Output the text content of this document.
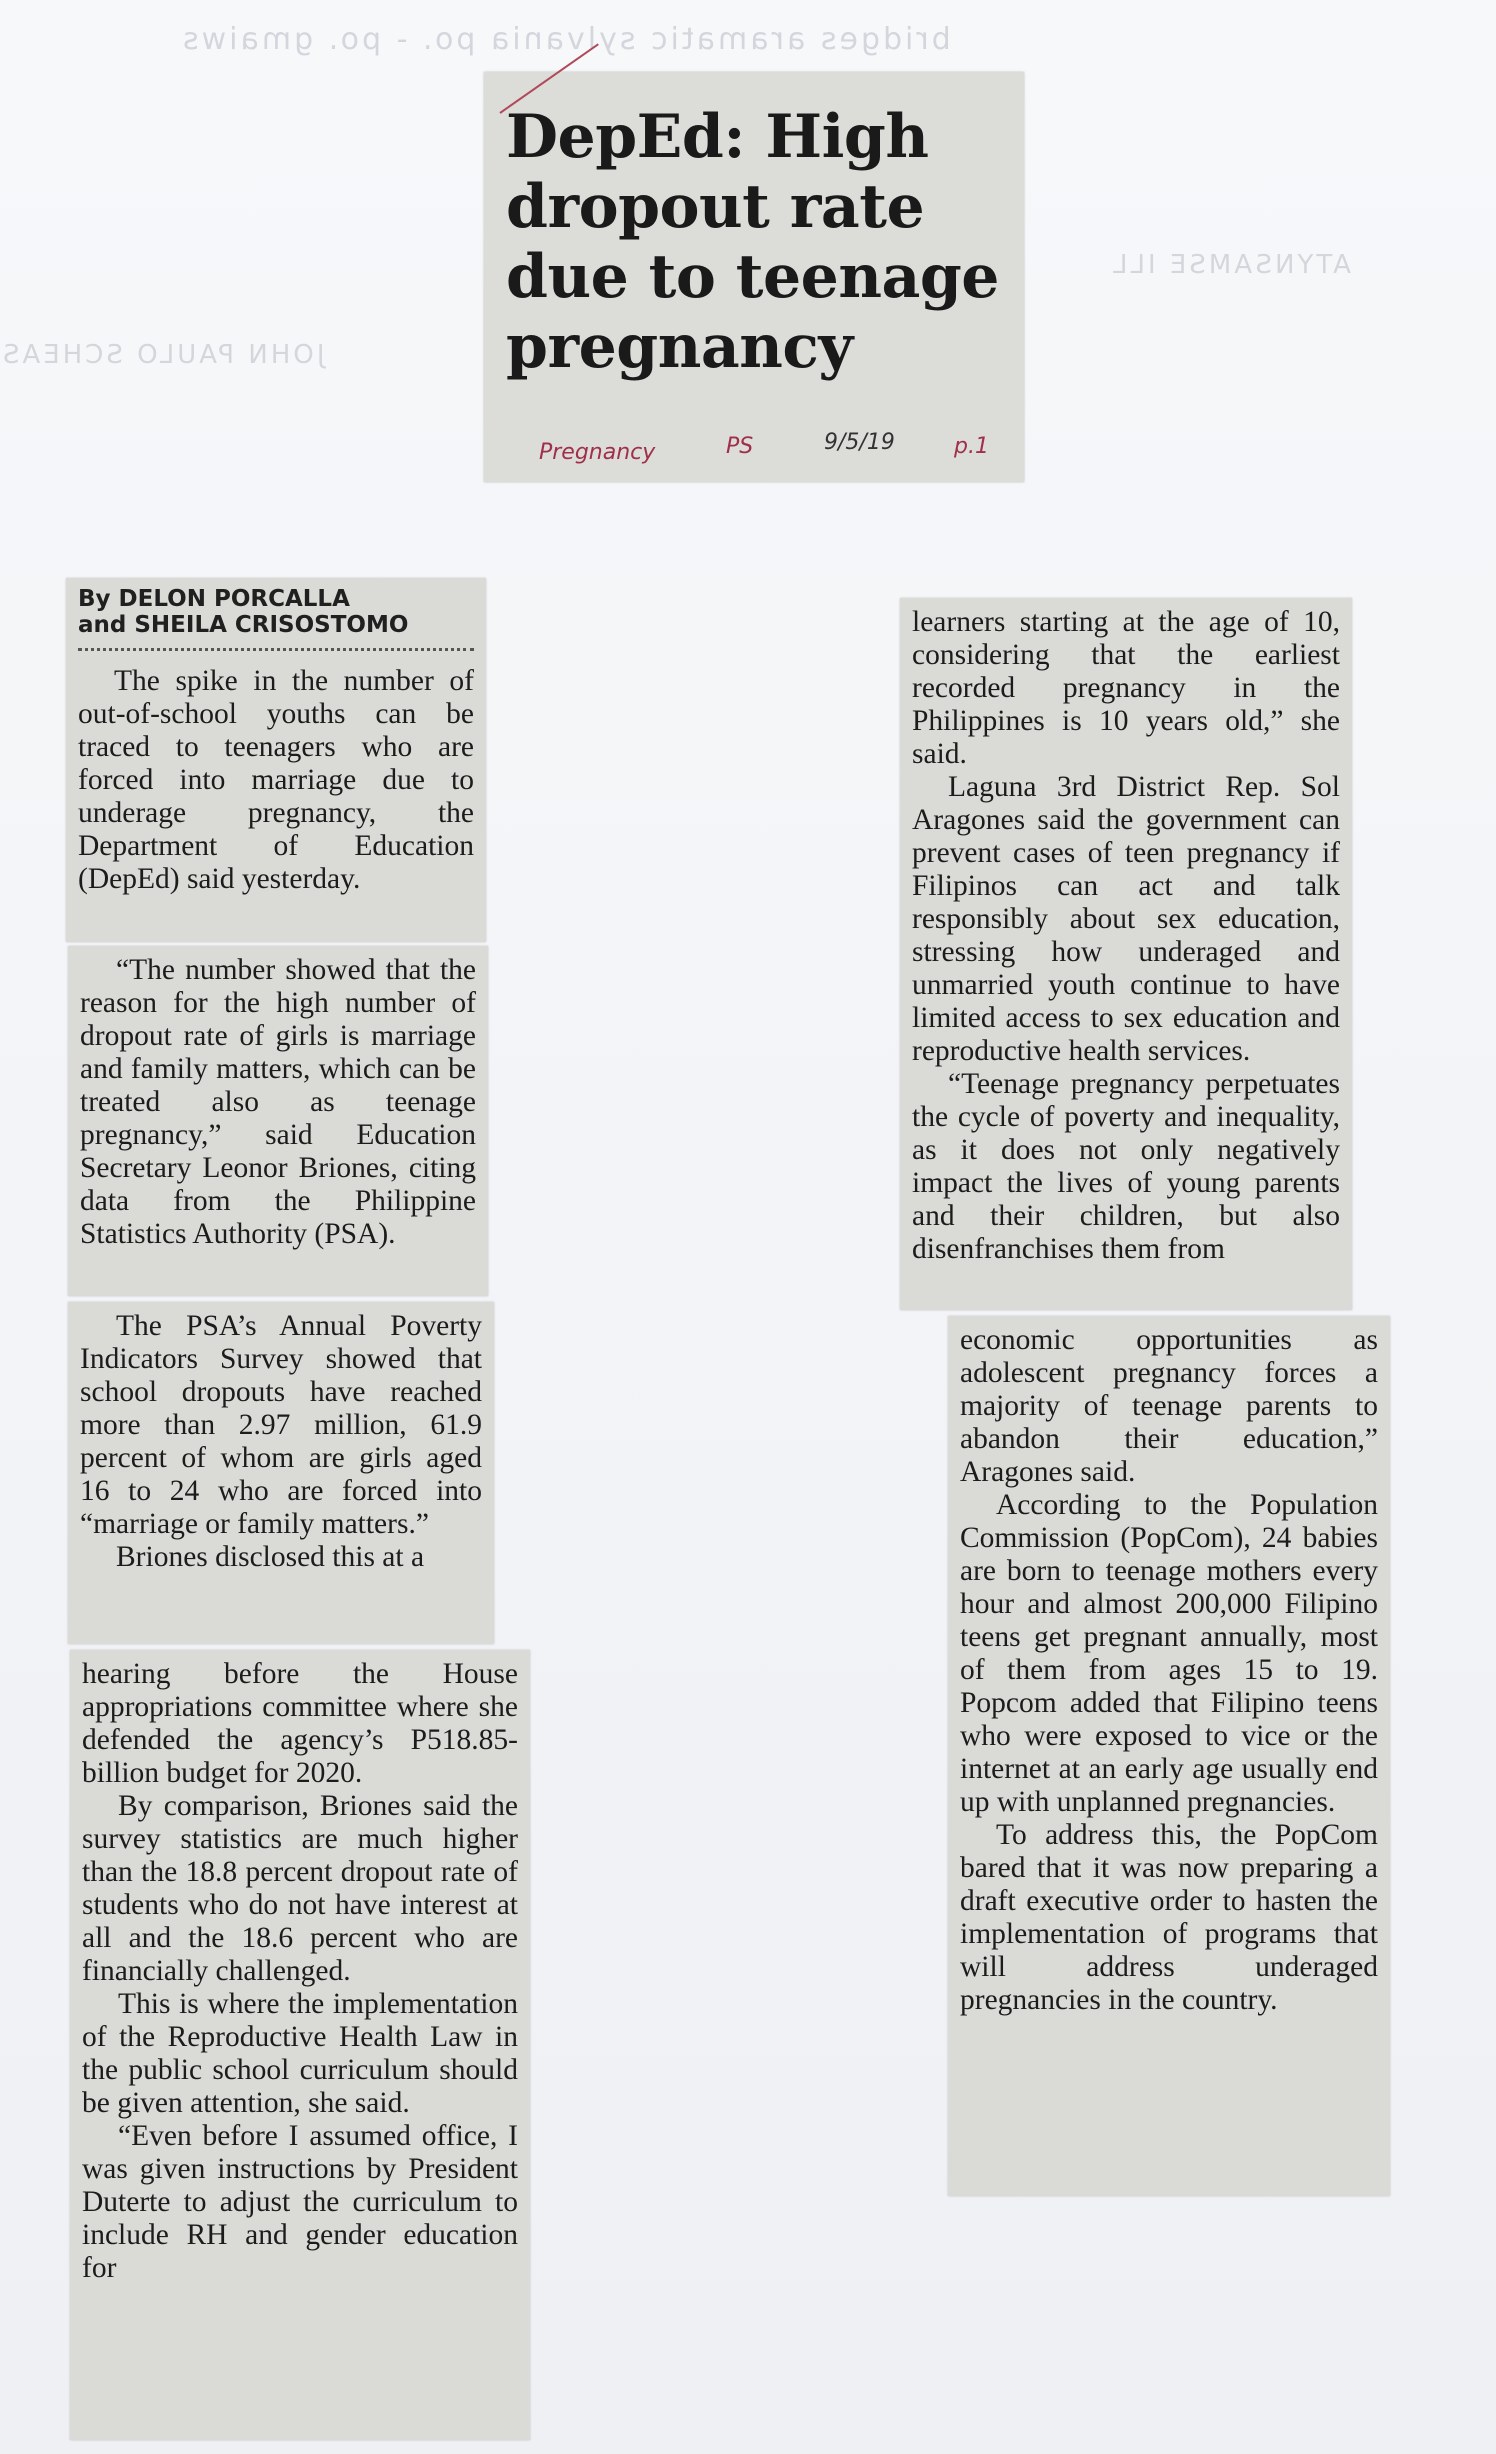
bridges aramatic sylvania po. - po. gmaiws
JOHN PAULO SCHEAS
ATYNSAMSE ILL
DepEd: High dropout rate due to teenage pregnancy
Pregnancy	PS	9/5/19	p.1
By DELON PORCALLA
and SHEILA CRISOSTOMO

The spike in the number of out-of-school youths can be traced to teenagers who are forced into marriage due to underage pregnancy, the Department of Education (DepEd) said yesterday.

“The number showed that the reason for the high number of dropout rate of girls is marriage and family matters, which can be treated also as teenage pregnancy,” said Education Secretary Leonor Briones, citing data from the Philippine Statistics Authority (PSA).

The PSA’s Annual Poverty Indicators Survey showed that school dropouts have reached more than 2.97 million, 61.9 percent of whom are girls aged 16 to 24 who are forced into “marriage or family matters.”

Briones disclosed this at a

hearing before the House appropriations committee where she defended the agency’s P518.85-billion budget for 2020.

By comparison, Briones said the survey statistics are much higher than the 18.8 percent dropout rate of students who do not have interest at all and the 18.6 percent who are financially challenged.

This is where the implementation of the Reproductive Health Law in the public school curriculum should be given attention, she said.

“Even before I assumed office, I was given instructions by President Duterte to adjust the curriculum to include RH and gender education for

learners starting at the age of 10, considering that the earliest recorded pregnancy in the Philippines is 10 years old,” she said.

Laguna 3rd District Rep. Sol Aragones said the government can prevent cases of teen pregnancy if Filipinos can act and talk responsibly about sex education, stressing how underaged and unmarried youth continue to have limited access to sex education and reproductive health services.

“Teenage pregnancy perpetuates the cycle of poverty and inequality, as it does not only negatively impact the lives of young parents and their children, but also disenfranchises them from

economic opportunities as adolescent pregnancy forces a majority of teenage parents to abandon their education,” Aragones said.

According to the Population Commission (PopCom), 24 babies are born to teenage mothers every hour and almost 200,000 Filipino teens get pregnant annually, most of them from ages 15 to 19. Popcom added that Filipino teens who were exposed to vice or the internet at an early age usually end up with unplanned pregnancies.

To address this, the PopCom bared that it was now preparing a draft executive order to hasten the implementation of programs that will address underaged pregnancies in the country.
